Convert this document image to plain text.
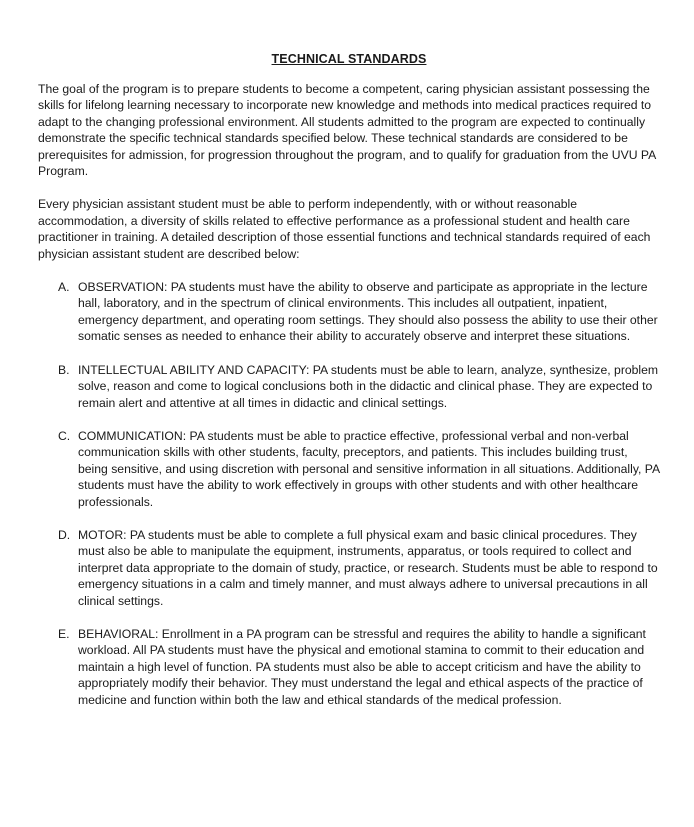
TECHNICAL STANDARDS

The goal of the program is to prepare students to become a competent, caring physician assistant possessing the skills for lifelong learning necessary to incorporate new knowledge and methods into medical practices required to adapt to the changing professional environment. All students admitted to the program are expected to continually demonstrate the specific technical standards specified below. These technical standards are considered to be prerequisites for admission, for progression throughout the program, and to qualify for graduation from the UVU PA Program.

Every physician assistant student must be able to perform independently, with or without reasonable accommodation, a diversity of skills related to effective performance as a professional student and health care practitioner in training. A detailed description of those essential functions and technical standards required of each physician assistant student are described below:

A. OBSERVATION: PA students must have the ability to observe and participate as appropriate in the lecture hall, laboratory, and in the spectrum of clinical environments. This includes all outpatient, inpatient, emergency department, and operating room settings. They should also possess the ability to use their other somatic senses as needed to enhance their ability to accurately observe and interpret these situations.
B. INTELLECTUAL ABILITY AND CAPACITY: PA students must be able to learn, analyze, synthesize, problem solve, reason and come to logical conclusions both in the didactic and clinical phase. They are expected to remain alert and attentive at all times in didactic and clinical settings.
C. COMMUNICATION: PA students must be able to practice effective, professional verbal and non-verbal communication skills with other students, faculty, preceptors, and patients. This includes building trust, being sensitive, and using discretion with personal and sensitive information in all situations. Additionally, PA students must have the ability to work effectively in groups with other students and with other healthcare professionals.
D. MOTOR: PA students must be able to complete a full physical exam and basic clinical procedures. They must also be able to manipulate the equipment, instruments, apparatus, or tools required to collect and interpret data appropriate to the domain of study, practice, or research. Students must be able to respond to emergency situations in a calm and timely manner, and must always adhere to universal precautions in all clinical settings.
E. BEHAVIORAL: Enrollment in a PA program can be stressful and requires the ability to handle a significant workload. All PA students must have the physical and emotional stamina to commit to their education and maintain a high level of function. PA students must also be able to accept criticism and have the ability to appropriately modify their behavior. They must understand the legal and ethical aspects of the practice of medicine and function within both the law and ethical standards of the medical profession.
